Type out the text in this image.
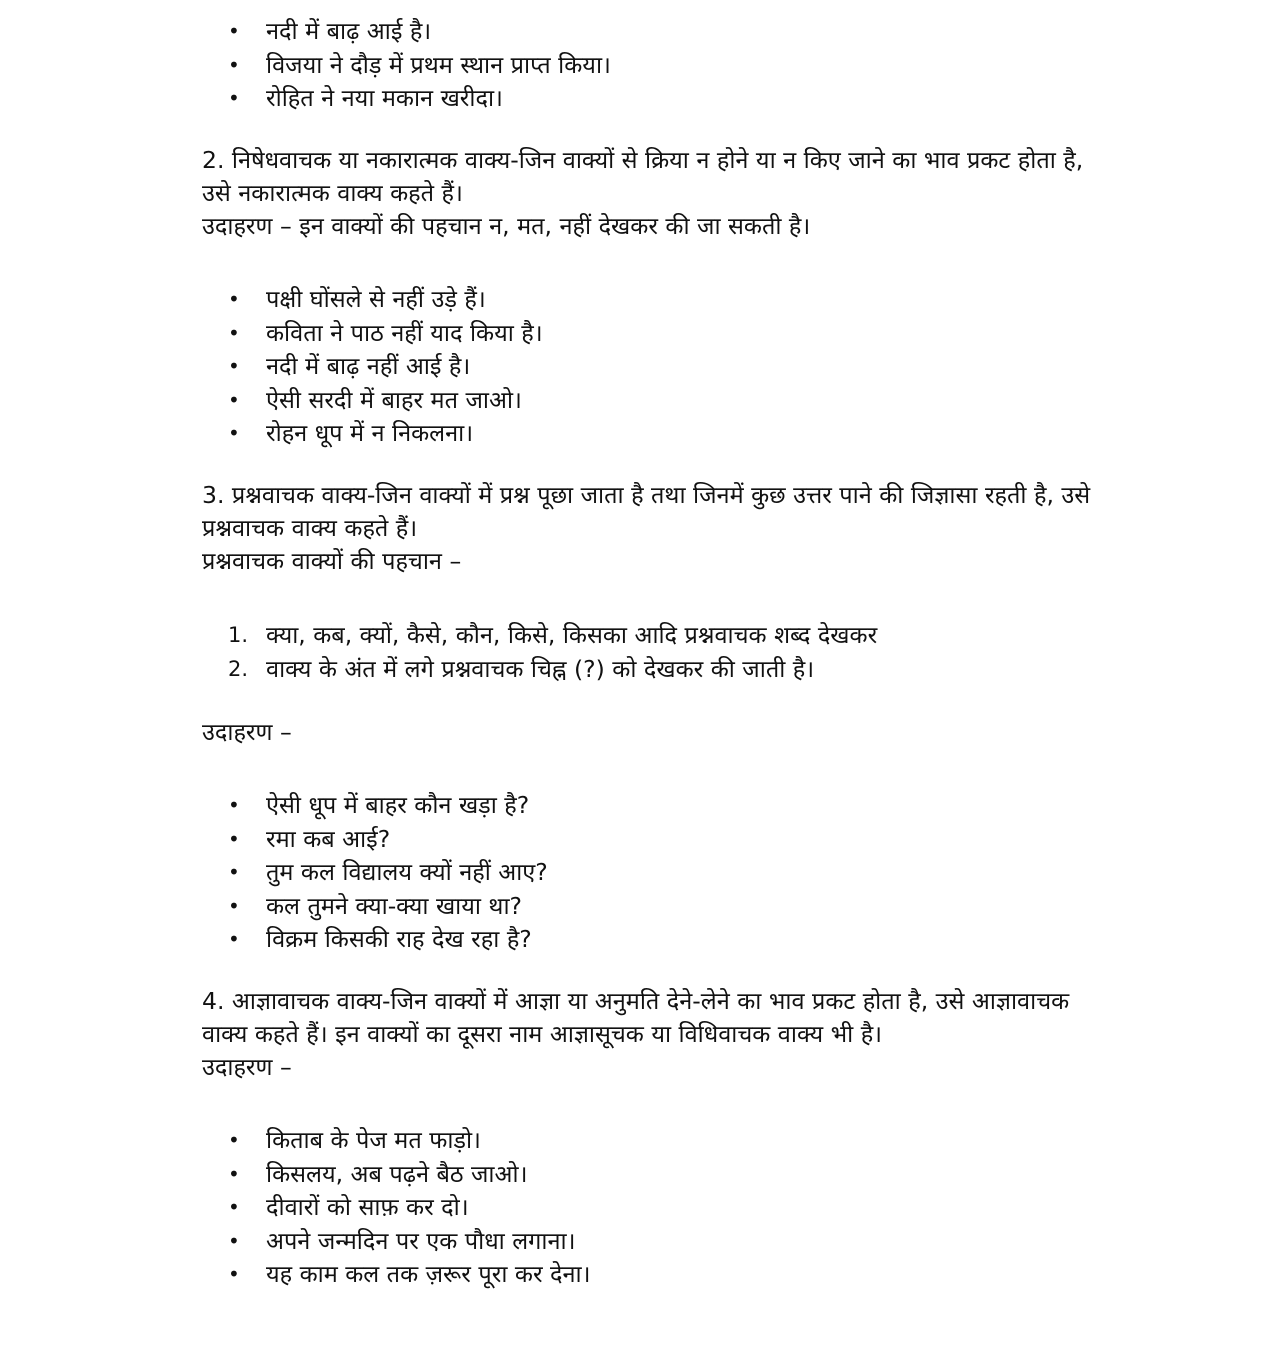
• नदी में बाढ़ आई है।
• विजया ने दौड़ में प्रथम स्थान प्राप्त किया।
• रोहित ने नया मकान खरीदा।

2. निषेधवाचक या नकारात्मक वाक्य-जिन वाक्यों से क्रिया न होने या न किए जाने का भाव प्रकट होता है,

उसे नकारात्मक वाक्य कहते हैं।

उदाहरण – इन वाक्यों की पहचान न, मत, नहीं देखकर की जा सकती है।

• पक्षी घोंसले से नहीं उड़े हैं।
• कविता ने पाठ नहीं याद किया है।
• नदी में बाढ़ नहीं आई है।
• ऐसी सरदी में बाहर मत जाओ।
• रोहन धूप में न निकलना।

3. प्रश्नवाचक वाक्य-जिन वाक्यों में प्रश्न पूछा जाता है तथा जिनमें कुछ उत्तर पाने की जिज्ञासा रहती है, उसे

प्रश्नवाचक वाक्य कहते हैं।

प्रश्नवाचक वाक्यों की पहचान –

1. क्या, कब, क्यों, कैसे, कौन, किसे, किसका आदि प्रश्नवाचक शब्द देखकर
2. वाक्य के अंत में लगे प्रश्नवाचक चिह्न (?) को देखकर की जाती है।

उदाहरण –

• ऐसी धूप में बाहर कौन खड़ा है?
• रमा कब आई?
• तुम कल विद्यालय क्यों नहीं आए?
• कल तुमने क्या-क्या खाया था?
• विक्रम किसकी राह देख रहा है?

4. आज्ञावाचक वाक्य-जिन वाक्यों में आज्ञा या अनुमति देने-लेने का भाव प्रकट होता है, उसे आज्ञावाचक

वाक्य कहते हैं। इन वाक्यों का दूसरा नाम आज्ञासूचक या विधिवाचक वाक्य भी है।

उदाहरण –

• किताब के पेज मत फाड़ो।
• किसलय, अब पढ़ने बैठ जाओ।
• दीवारों को साफ़ कर दो।
• अपने जन्मदिन पर एक पौधा लगाना।
• यह काम कल तक ज़रूर पूरा कर देना।
